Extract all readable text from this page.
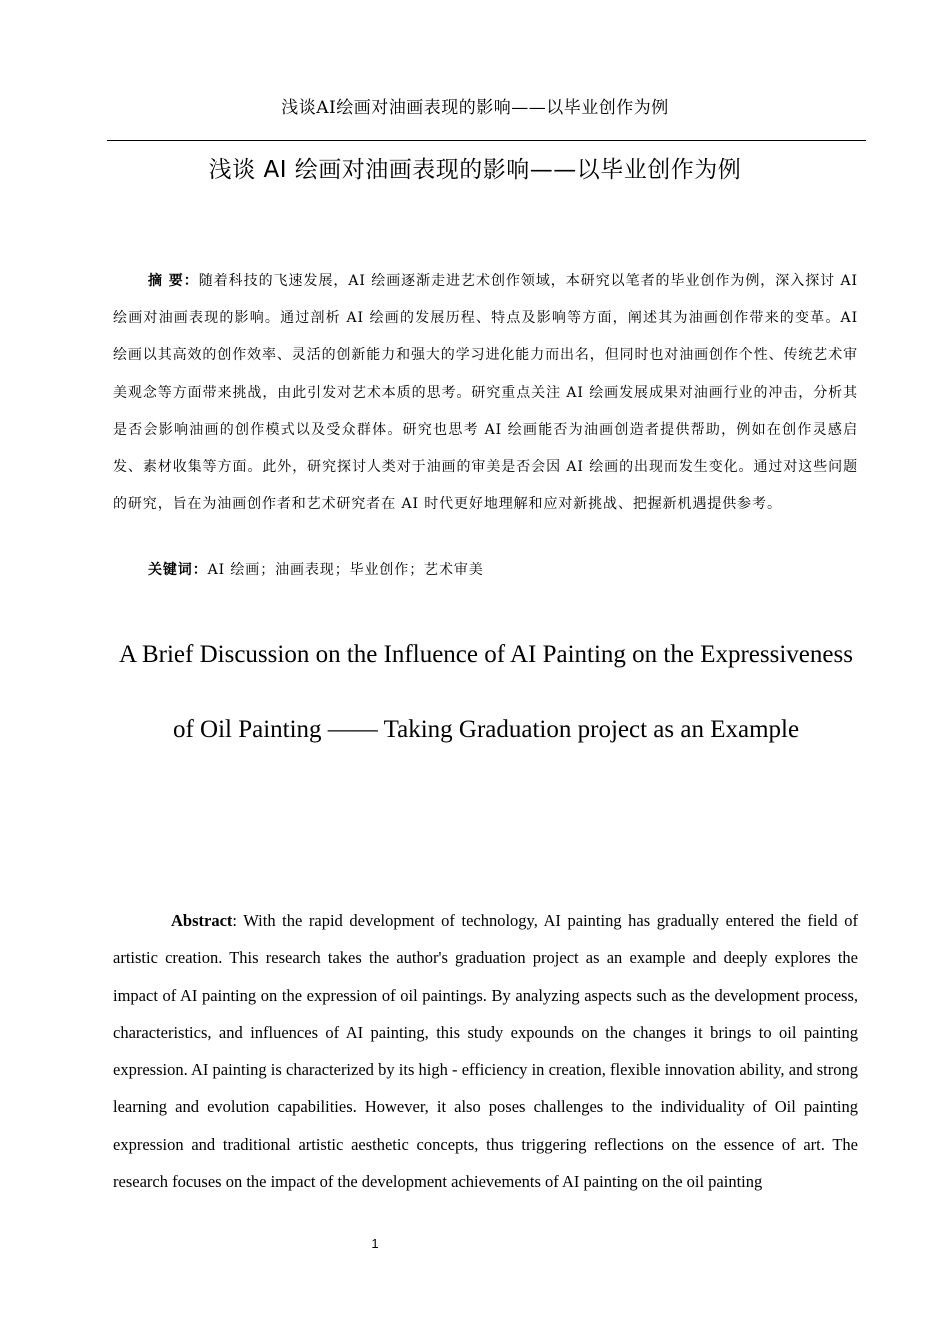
浅谈AI绘画对油画表现的影响——以毕业创作为例
浅谈 AI 绘画对油画表现的影响——以毕业创作为例

摘 要：随着科技的飞速发展，AI 绘画逐渐走进艺术创作领域，本研究以笔者的毕业创作为例，深入探讨 AI 绘画对油画表现的影响。通过剖析 AI 绘画的发展历程、特点及影响等方面，阐述其为油画创作带来的变革。AI 绘画以其高效的创作效率、灵活的创新能力和强大的学习进化能力而出名，但同时也对油画创作个性、传统艺术审美观念等方面带来挑战，由此引发对艺术本质的思考。研究重点关注 AI 绘画发展成果对油画行业的冲击，分析其是否会影响油画的创作模式以及受众群体。研究也思考 AI 绘画能否为油画创造者提供帮助，例如在创作灵感启发、素材收集等方面。此外，研究探讨人类对于油画的审美是否会因 AI 绘画的出现而发生变化。通过对这些问题的研究，旨在为油画创作者和艺术研究者在 AI 时代更好地理解和应对新挑战、把握新机遇提供参考。

关键词：AI 绘画；油画表现；毕业创作；艺术审美

A Brief Discussion on the Influence of AI Painting on the Expressiveness of Oil Painting —— Taking Graduation project as an Example

Abstract: With the rapid development of technology, AI painting has gradually entered the field of artistic creation. This research takes the author's graduation project as an example and deeply explores the impact of AI painting on the expression of oil paintings. By analyzing aspects such as the development process, characteristics, and influences of AI painting, this study expounds on the changes it brings to oil painting expression. AI painting is characterized by its high - efficiency in creation, flexible innovation ability, and strong learning and evolution capabilities. However, it also poses challenges to the individuality of Oil painting expression and traditional artistic aesthetic concepts, thus triggering reflections on the essence of art. The research focuses on the impact of the development achievements of AI painting on the oil painting

1
